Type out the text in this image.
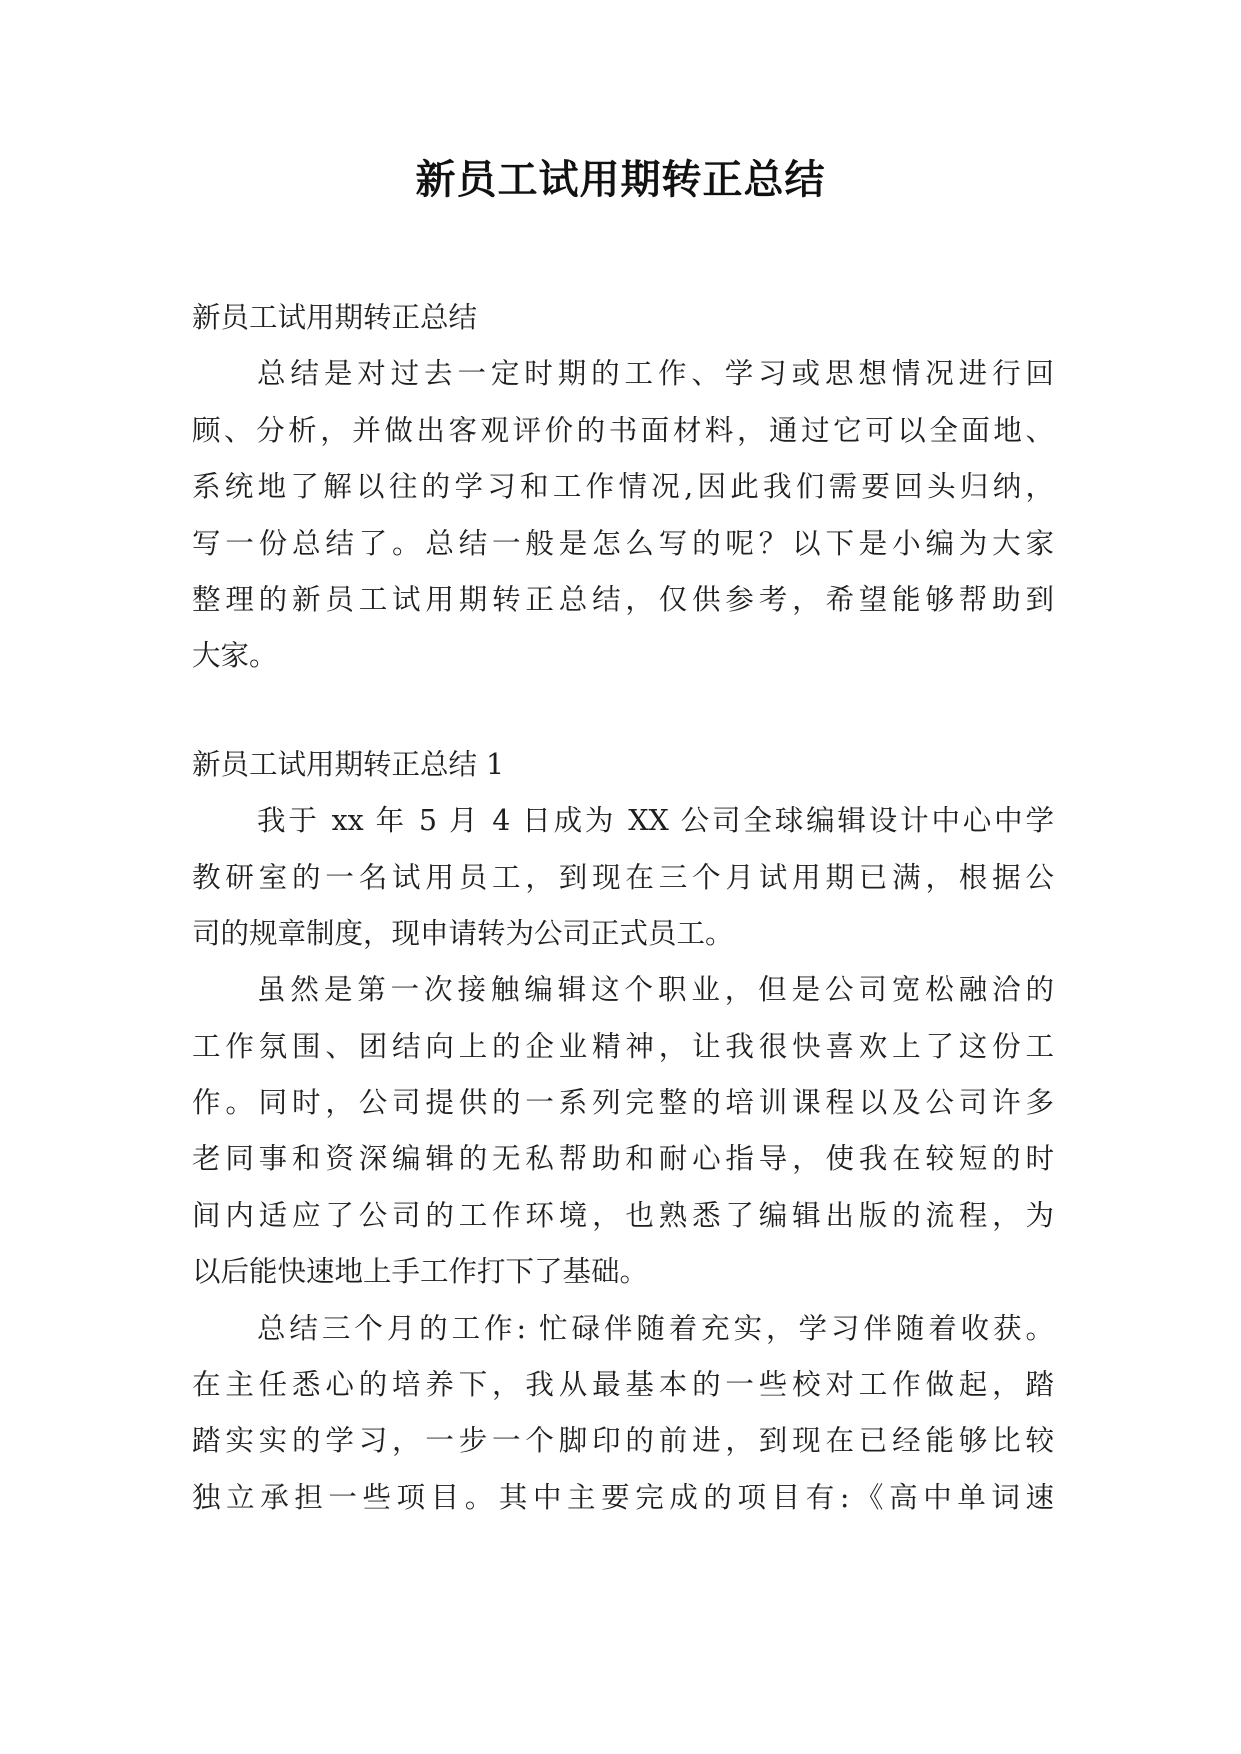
新员工试用期转正总结
新员工试用期转正总结
总结是对过去一定时期的工作、学习或思想情况进行回
顾、分析，并做出客观评价的书面材料，通过它可以全面地、
系统地了解以往的学习和工作情况,因此我们需要回头归纳，
写一份总结了。总结一般是怎么写的呢？以下是小编为大家
整理的新员工试用期转正总结，仅供参考，希望能够帮助到
大家。
新员工试用期转正总结 1
我于 xx 年 5 月 4 日成为 XX 公司全球编辑设计中心中学
教研室的一名试用员工，到现在三个月试用期已满，根据公
司的规章制度，现申请转为公司正式员工。
虽然是第一次接触编辑这个职业，但是公司宽松融洽的
工作氛围、团结向上的企业精神，让我很快喜欢上了这份工
作。同时，公司提供的一系列完整的培训课程以及公司许多
老同事和资深编辑的无私帮助和耐心指导，使我在较短的时
间内适应了公司的工作环境，也熟悉了编辑出版的流程，为
以后能快速地上手工作打下了基础。
总结三个月的工作: 忙碌伴随着充实，学习伴随着收获。
在主任悉心的培养下，我从最基本的一些校对工作做起，踏
踏实实的学习，一步一个脚印的前进，到现在已经能够比较
独立承担一些项目。其中主要完成的项目有:《高中单词速
